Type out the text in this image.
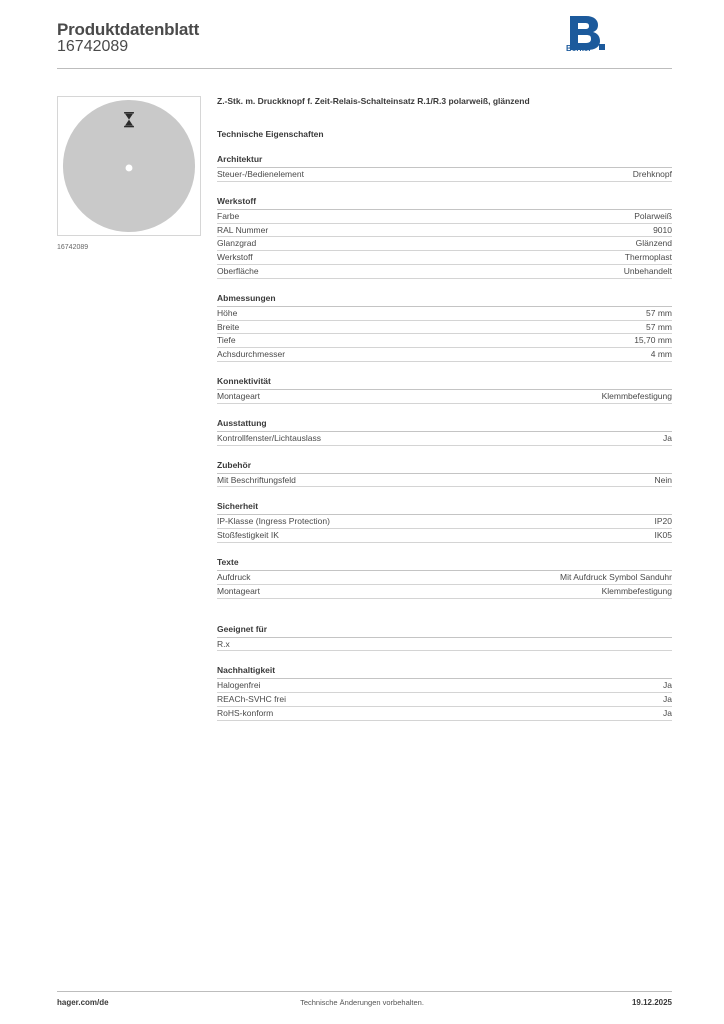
Produktdatenblatt
16742089	Berker
16742089
Z.-Stk. m. Druckknopf f. Zeit-Relais-Schalteinsatz R.1/R.3 polarweiß, glänzend
Technische Eigenschaften
Architektur
Steuer-/Bedienelement	Drehknopf
Werkstoff
Farbe	Polarweiß
RAL Nummer	9010
Glanzgrad	Glänzend
Werkstoff	Thermoplast
Oberfläche	Unbehandelt
Abmessungen
Höhe	57 mm
Breite	57 mm
Tiefe	15,70 mm
Achsdurchmesser	4 mm
Konnektivität
Montageart	Klemmbefestigung
Ausstattung
Kontrollfenster/Lichtauslass	Ja
Zubehör
Mit Beschriftungsfeld	Nein
Sicherheit
IP-Klasse (Ingress Protection)	IP20
Stoßfestigkeit IK	IK05
Texte
Aufdruck	Mit Aufdruck Symbol Sanduhr
Montageart	Klemmbefestigung
Geeignet für
R.x
Nachhaltigkeit
Halogenfrei	Ja
REACh-SVHC frei	Ja
RoHS-konform	Ja
hager.com/de	Technische Änderungen vorbehalten.	19.12.2025
